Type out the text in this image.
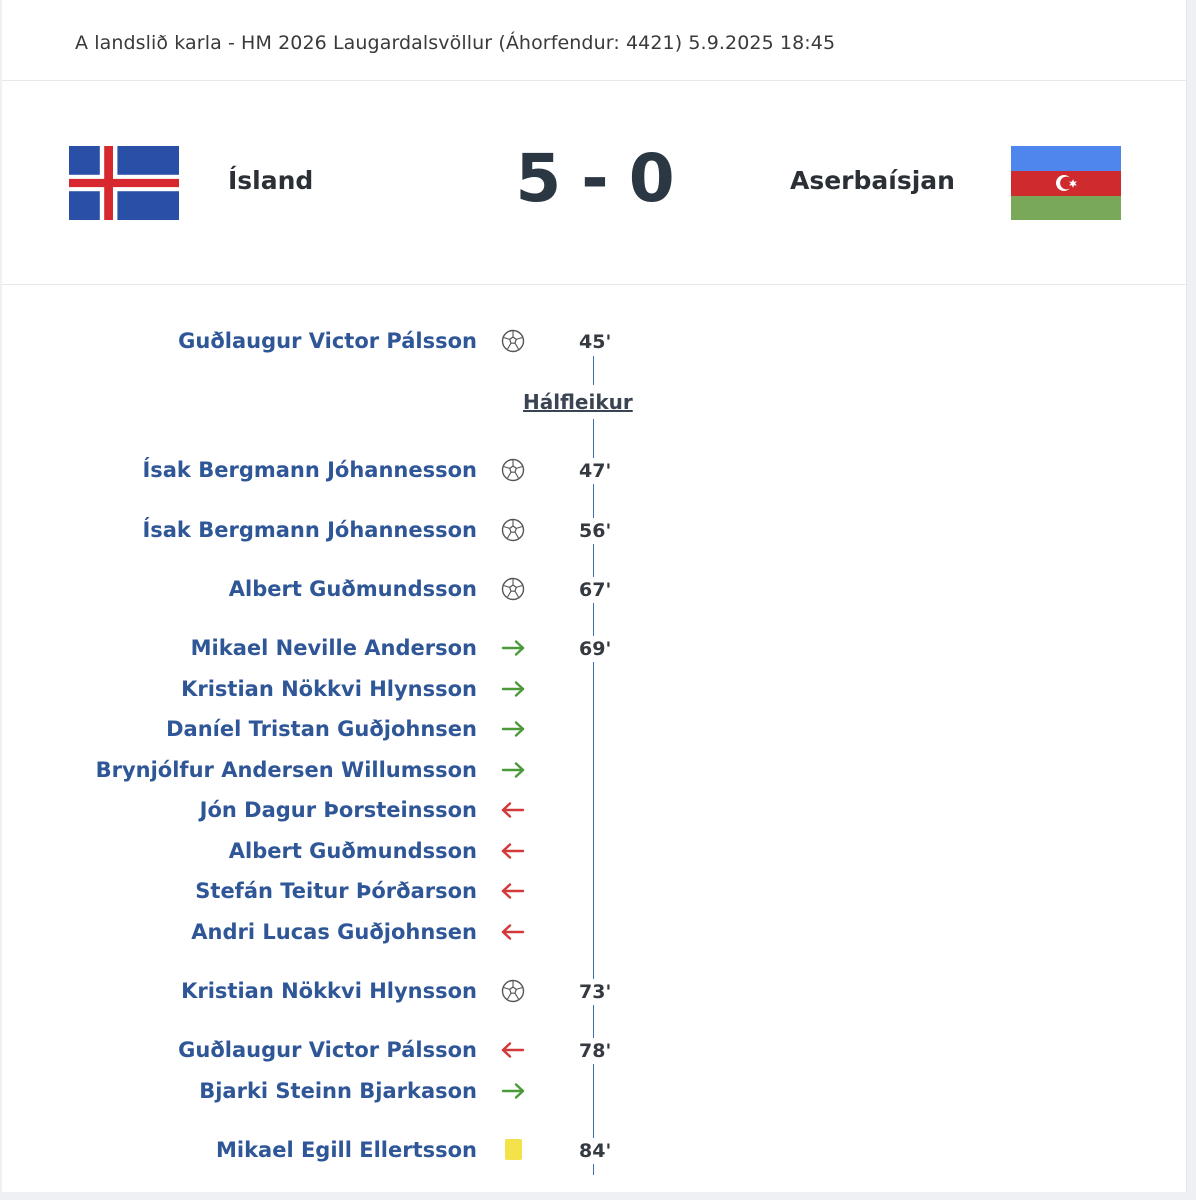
A landslið karla - HM 2026 Laugardalsvöllur (Áhorfendur: 4421) 5.9.2025 18:45
Ísland	5 - 0	Aserbaísjan
Hálfleikur
Guðlaugur Victor Pálsson	45'
Ísak Bergmann Jóhannesson	47'
Ísak Bergmann Jóhannesson	56'
Albert Guðmundsson	67'
Mikael Neville Anderson	69'
Kristian Nökkvi Hlynsson
Daníel Tristan Guðjohnsen
Brynjólfur Andersen Willumsson
Jón Dagur Þorsteinsson
Albert Guðmundsson
Stefán Teitur Þórðarson
Andri Lucas Guðjohnsen
Kristian Nökkvi Hlynsson	73'
Guðlaugur Victor Pálsson	78'
Bjarki Steinn Bjarkason
Mikael Egill Ellertsson	84'
